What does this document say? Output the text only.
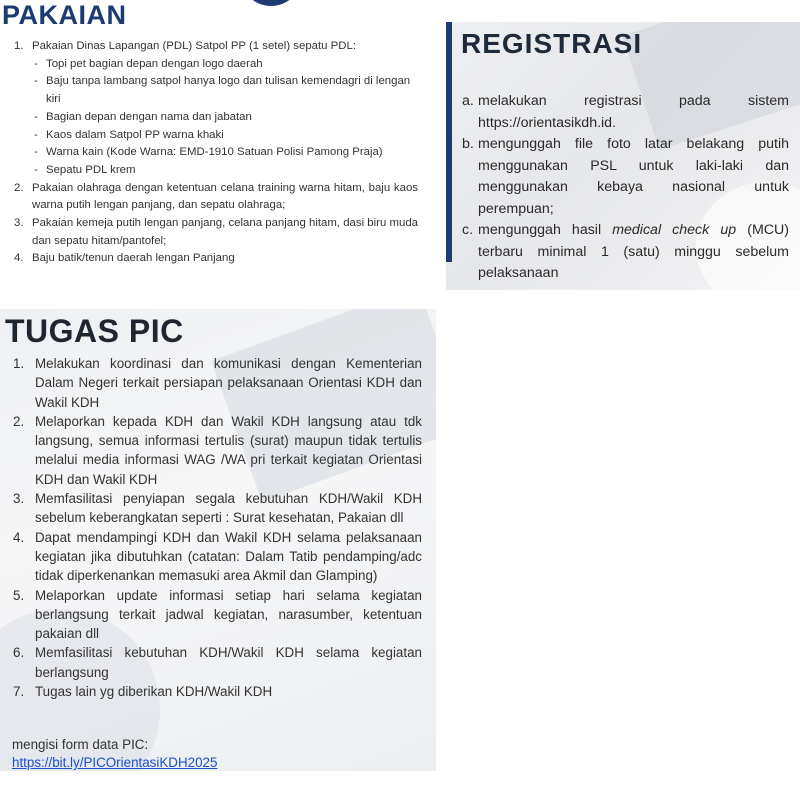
PAKAIAN
1. Pakaian Dinas Lapangan (PDL) Satpol PP (1 setel) sepatu PDL:
- Topi pet bagian depan dengan logo daerah
- Baju tanpa lambang satpol hanya logo dan tulisan kemendagri di lengan kiri
- Bagian depan dengan nama dan jabatan
- Kaos dalam Satpol PP warna khaki
- Warna kain (Kode Warna: EMD-1910 Satuan Polisi Pamong Praja)
- Sepatu PDL krem
2. Pakaian olahraga dengan ketentuan celana training warna hitam, baju kaos warna putih lengan panjang, dan sepatu olahraga;
3. Pakaian kemeja putih lengan panjang, celana panjang hitam, dasi biru muda dan sepatu hitam/pantofel;
4. Baju batik/tenun daerah lengan Panjang
REGISTRASI
a. melakukan registrasi pada sistem https://orientasikdh.id.
b. mengunggah file foto latar belakang putih menggunakan PSL untuk laki-laki dan menggunakan kebaya nasional untuk perempuan;
c. mengunggah hasil medical check up (MCU) terbaru minimal 1 (satu) minggu sebelum pelaksanaan
TUGAS PIC
1. Melakukan koordinasi dan komunikasi dengan Kementerian Dalam Negeri terkait persiapan pelaksanaan Orientasi KDH dan Wakil KDH
2. Melaporkan kepada KDH dan Wakil KDH langsung atau tdk langsung, semua informasi tertulis (surat) maupun tidak tertulis melalui media informasi WAG /WA pri terkait kegiatan Orientasi KDH dan Wakil KDH
3. Memfasilitasi penyiapan segala kebutuhan KDH/Wakil KDH sebelum keberangkatan seperti : Surat kesehatan, Pakaian dll
4. Dapat mendampingi KDH dan Wakil KDH selama pelaksanaan kegiatan jika dibutuhkan (catatan: Dalam Tatib pendamping/adc tidak diperkenankan memasuki area Akmil dan Glamping)
5. Melaporkan update informasi setiap hari selama kegiatan berlangsung terkait jadwal kegiatan, narasumber, ketentuan pakaian dll
6. Memfasilitasi kebutuhan KDH/Wakil KDH selama kegiatan berlangsung
7. Tugas lain yg diberikan KDH/Wakil KDH

mengisi form data PIC:

https://bit.ly/PICOrientasiKDH2025
